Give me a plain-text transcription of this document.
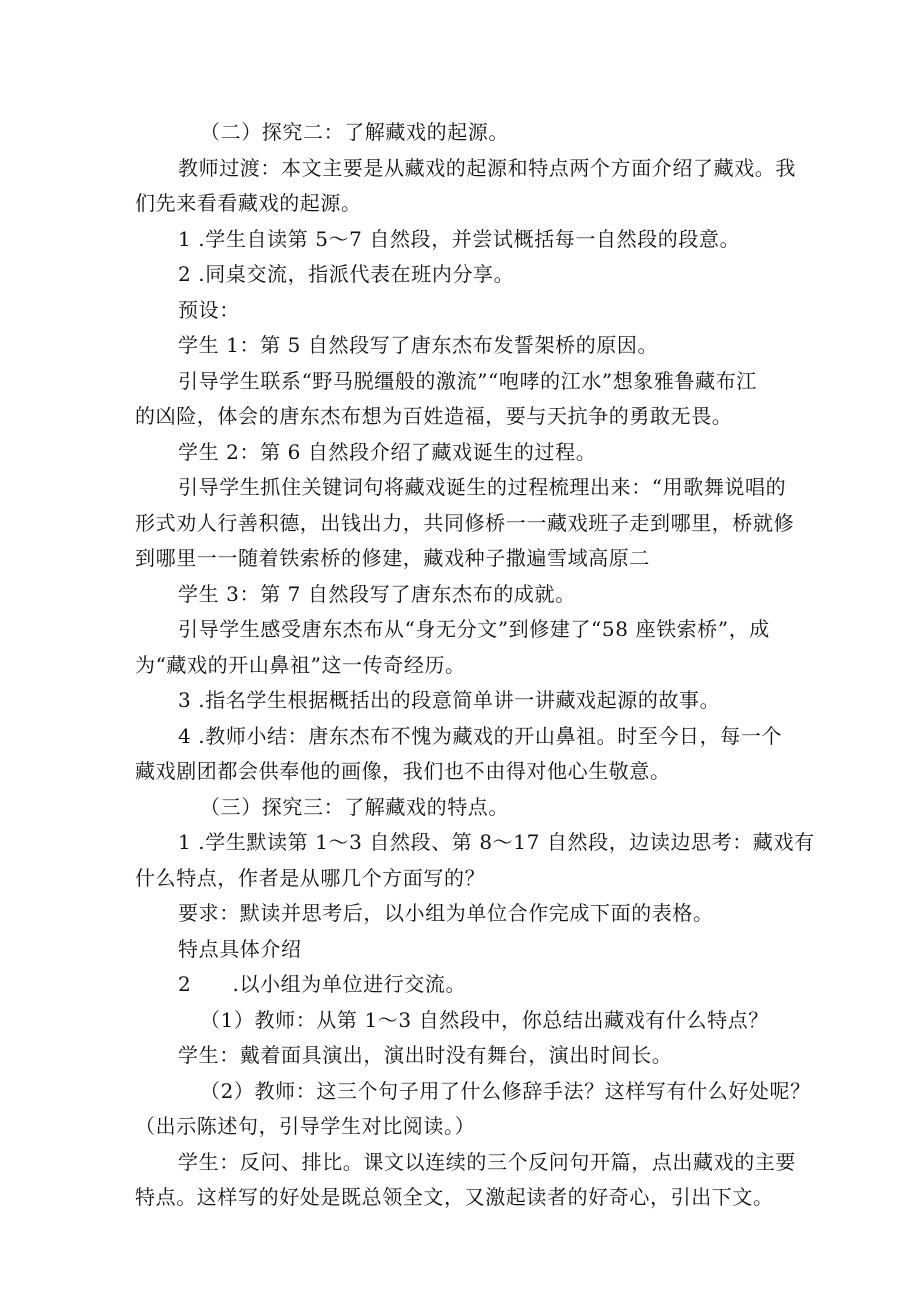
（二）探究二：了解藏戏的起源。
教师过渡：本文主要是从藏戏的起源和特点两个方面介绍了藏戏。我
们先来看看藏戏的起源。
1 .学生自读第 5～7 自然段，并尝试概括每一自然段的段意。
2 .同桌交流，指派代表在班内分享。
预设：
学生 1：第 5 自然段写了唐东杰布发誓架桥的原因。
引导学生联系“野马脱缰般的激流”“咆哮的江水”想象雅鲁藏布江
的凶险，体会的唐东杰布想为百姓造福，要与天抗争的勇敢无畏。
学生 2：第 6 自然段介绍了藏戏诞生的过程。
引导学生抓住关键词句将藏戏诞生的过程梳理出来：“用歌舞说唱的
形式劝人行善积德，出钱出力，共同修桥一一藏戏班子走到哪里，桥就修
到哪里一一随着铁索桥的修建，藏戏种子撒遍雪域高原二
学生 3：第 7 自然段写了唐东杰布的成就。
引导学生感受唐东杰布从“身无分文”到修建了“58 座铁索桥”，成
为“藏戏的开山鼻祖”这一传奇经历。
3 .指名学生根据概括出的段意简单讲一讲藏戏起源的故事。
4 .教师小结：唐东杰布不愧为藏戏的开山鼻祖。时至今日，每一个
藏戏剧团都会供奉他的画像，我们也不由得对他心生敬意。
（三）探究三：了解藏戏的特点。
1 .学生默读第 1～3 自然段、第 8～17 自然段，边读边思考：藏戏有
什么特点，作者是从哪几个方面写的？
要求：默读并思考后，以小组为单位合作完成下面的表格。
特点具体介绍
2　　.以小组为单位进行交流。
（1）教师：从第 1～3 自然段中，你总结出藏戏有什么特点？
学生：戴着面具演出，演出时没有舞台，演出时间长。
（2）教师：这三个句子用了什么修辞手法？这样写有什么好处呢？
（出示陈述句，引导学生对比阅读。）
学生：反问、排比。课文以连续的三个反问句开篇，点出藏戏的主要
特点。这样写的好处是既总领全文，又激起读者的好奇心，引出下文。
